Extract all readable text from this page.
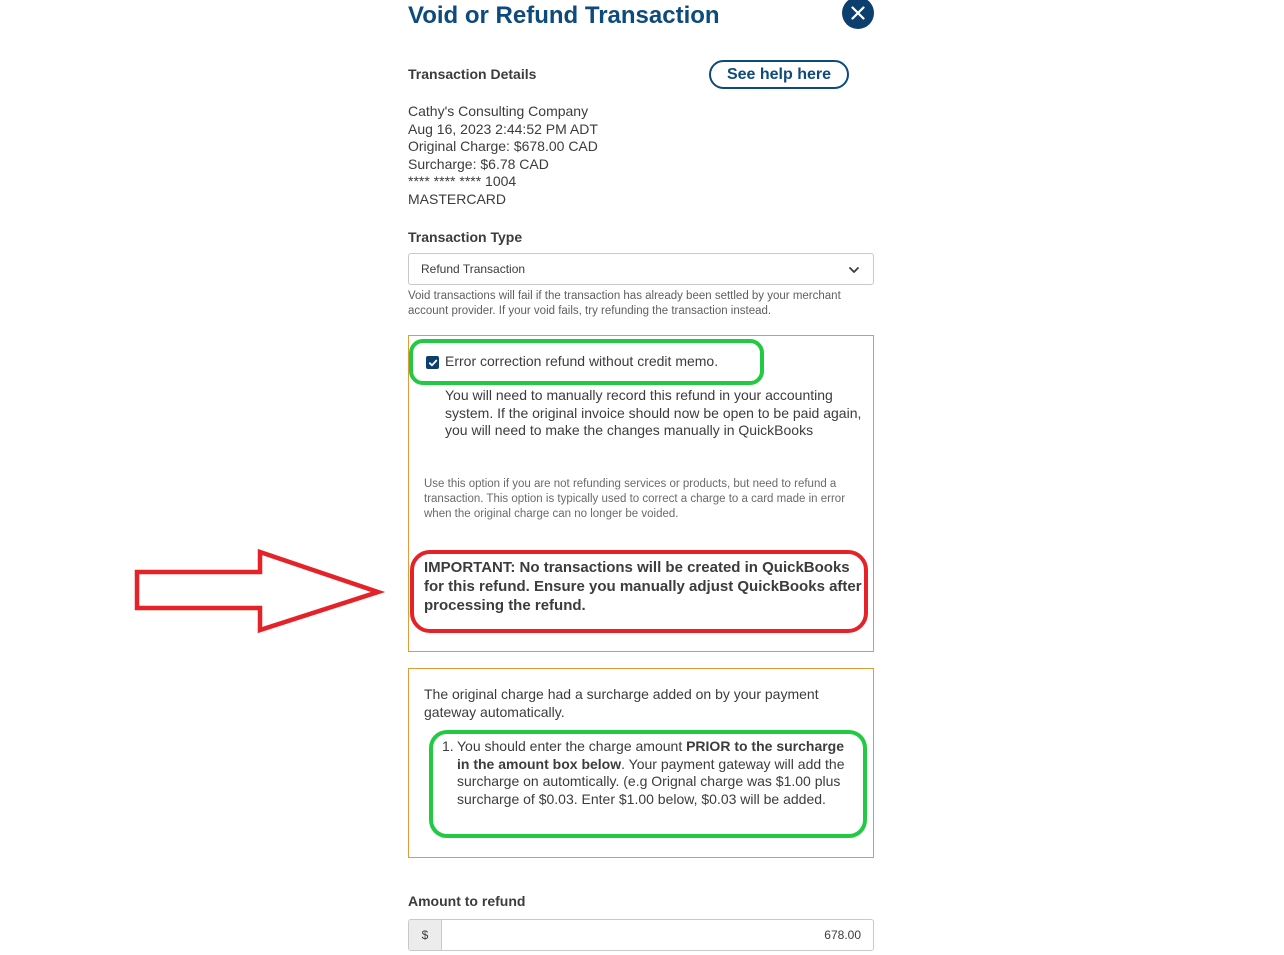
Void or Refund Transaction
Transaction Details	See help here
Cathy's Consulting Company
Aug 16, 2023 2:44:52 PM ADT
Original Charge: $678.00 CAD
Surcharge: $6.78 CAD
**** **** **** 1004
MASTERCARD
Transaction Type
Refund Transaction
Void transactions will fail if the transaction has already been settled by your merchant account provider. If your void fails, try refunding the transaction instead.
Error correction refund without credit memo.
You will need to manually record this refund in your accounting system. If the original invoice should now be open to be paid again, you will need to make the changes manually in QuickBooks
Use this option if you are not refunding services or products, but need to refund a transaction. This option is typically used to correct a charge to a card made in error when the original charge can no longer be voided.
IMPORTANT: No transactions will be created in QuickBooks for this refund. Ensure you manually adjust QuickBooks after processing the refund.
The original charge had a surcharge added on by your payment gateway automatically.
1. You should enter the charge amount PRIOR to the surcharge in the amount box below. Your payment gateway will add the surcharge on automtically. (e.g Orignal charge was $1.00 plus surcharge of $0.03. Enter $1.00 below, $0.03 will be added.
Amount to refund
$
678.00
